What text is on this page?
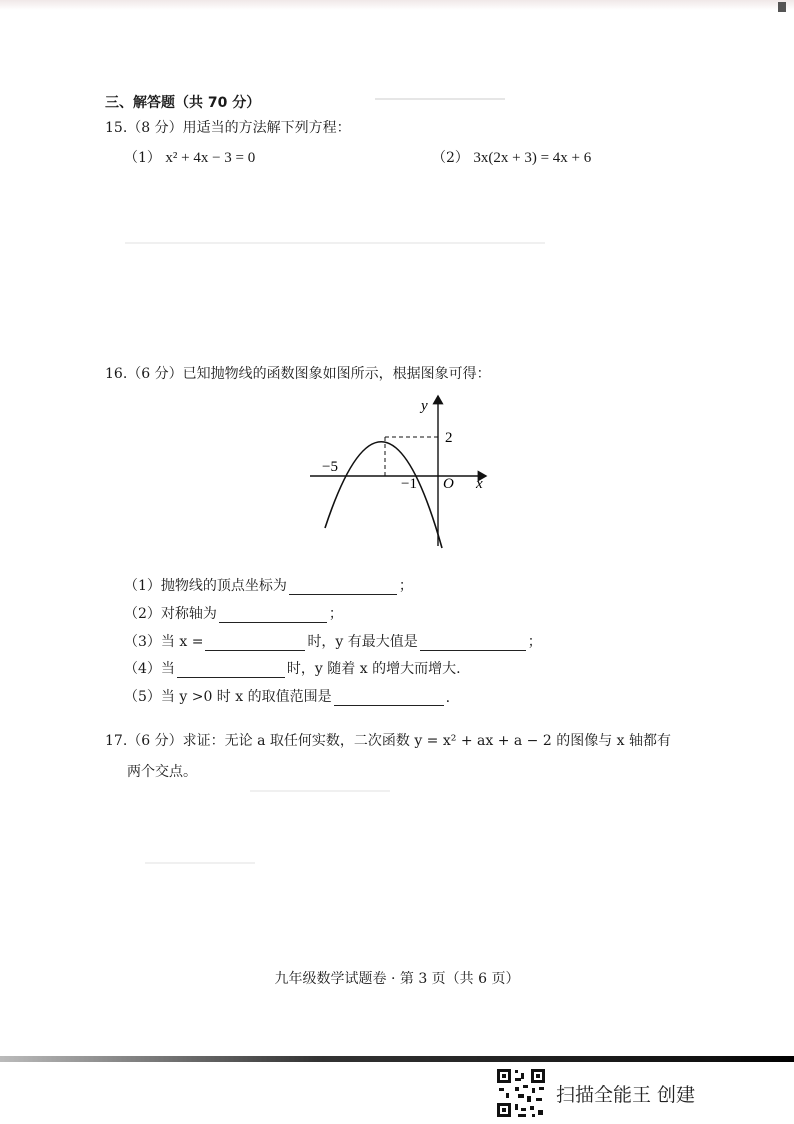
三、解答题（共 70 分）
15.（8 分）用适当的方法解下列方程：
（1） x² + 4x − 3 = 0	（2） 3x(2x + 3) = 4x + 6
16.（6 分）已知抛物线的函数图象如图所示，根据图象可得：
y
x
O
2
−5
−1
（1）抛物线的顶点坐标为	；
（2）对称轴为	；
（3）当 x =	时，y 有最大值是	；
（4）当	时，y 随着 x 的增大而增大.
（5）当 y >0 时 x 的取值范围是	.
17.（6 分）求证：无论 a 取任何实数，二次函数 y = x² + ax + a − 2 的图像与 x 轴都有
两个交点。
九年级数学试题卷 · 第 3 页（共 6 页）
扫描全能王 创建
